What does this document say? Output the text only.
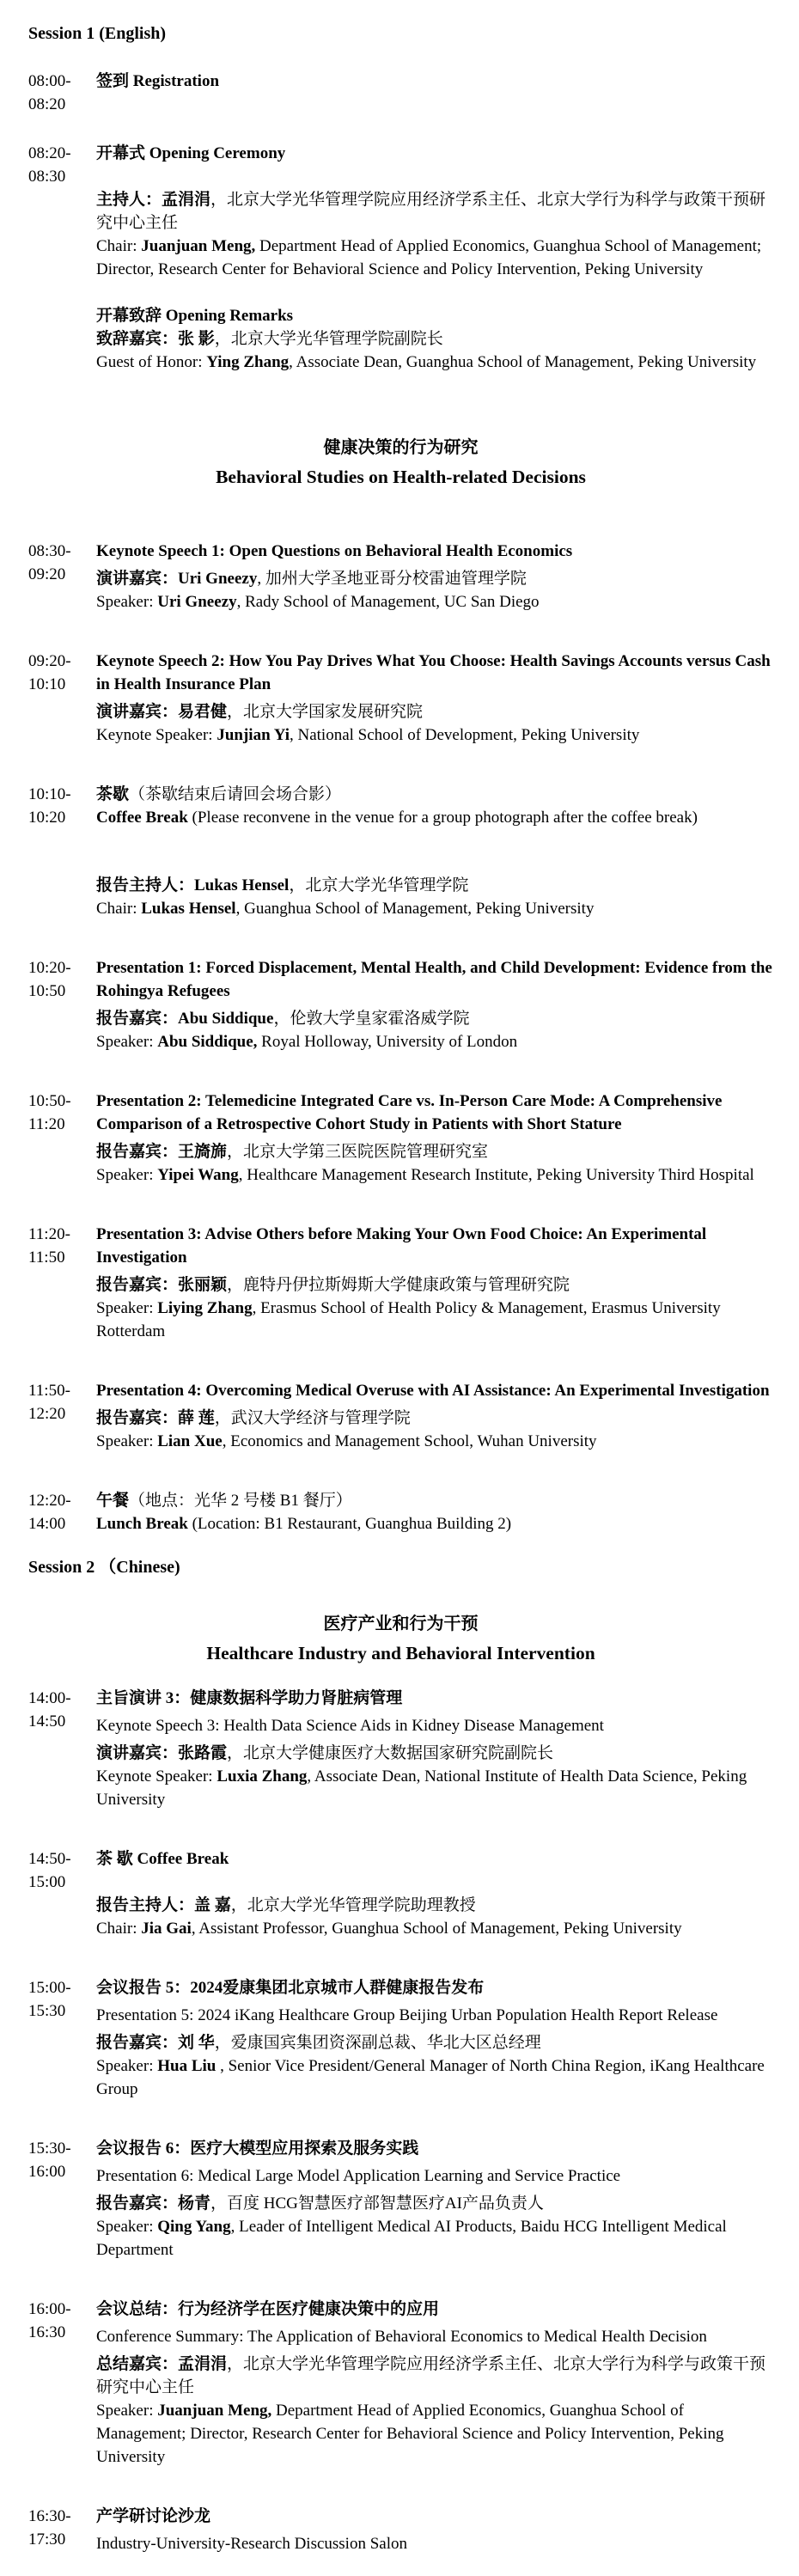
Session 1 (English)
08:00-08:20
签到 Registration
08:20-08:30
开幕式 Opening Ceremony
主持人：孟涓涓，北京大学光华管理学院应用经济学系主任、北京大学行为科学与政策干预研究中心主任
Chair: Juanjuan Meng, Department Head of Applied Economics, Guanghua School of Management; Director, Research Center for Behavioral Science and Policy Intervention, Peking University
开幕致辞 Opening Remarks
致辞嘉宾：张 影，北京大学光华管理学院副院长
Guest of Honor: Ying Zhang, Associate Dean, Guanghua School of Management, Peking University
健康决策的行为研究
Behavioral Studies on Health-related Decisions
08:30-09:20
Keynote Speech 1: Open Questions on Behavioral Health Economics
演讲嘉宾：Uri Gneezy, 加州大学圣地亚哥分校雷迪管理学院
Speaker: Uri Gneezy, Rady School of Management, UC San Diego
09:20-10:10
Keynote Speech 2: How You Pay Drives What You Choose: Health Savings Accounts versus Cash in Health Insurance Plan
演讲嘉宾：易君健，北京大学国家发展研究院
Keynote Speaker: Junjian Yi, National School of Development, Peking University
10:10-10:20
茶歇（茶歇结束后请回会场合影）
Coffee Break (Please reconvene in the venue for a group photograph after the coffee break)
报告主持人：Lukas Hensel，北京大学光华管理学院
Chair: Lukas Hensel, Guanghua School of Management, Peking University
10:20-10:50
Presentation 1: Forced Displacement, Mental Health, and Child Development: Evidence from the Rohingya Refugees
报告嘉宾：Abu Siddique，伦敦大学皇家霍洛威学院
Speaker: Abu Siddique, Royal Holloway, University of London
10:50-11:20
Presentation 2: Telemedicine Integrated Care vs. In-Person Care Mode: A Comprehensive Comparison of a Retrospective Cohort Study in Patients with Short Stature
报告嘉宾：王旖旆，北京大学第三医院医院管理研究室
Speaker: Yipei Wang, Healthcare Management Research Institute, Peking University Third Hospital
11:20-11:50
Presentation 3: Advise Others before Making Your Own Food Choice: An Experimental Investigation
报告嘉宾：张丽颖，鹿特丹伊拉斯姆斯大学健康政策与管理研究院
Speaker: Liying Zhang, Erasmus School of Health Policy & Management, Erasmus University Rotterdam
11:50-12:20
Presentation 4: Overcoming Medical Overuse with AI Assistance: An Experimental Investigation
报告嘉宾：薛 莲，武汉大学经济与管理学院
Speaker: Lian Xue, Economics and Management School, Wuhan University
12:20-14:00
午餐（地点：光华 2 号楼 B1 餐厅）
Lunch Break (Location: B1 Restaurant, Guanghua Building 2)
Session 2 （Chinese)
医疗产业和行为干预
Healthcare Industry and Behavioral Intervention
14:00-14:50
主旨演讲 3：健康数据科学助力肾脏病管理
Keynote Speech 3: Health Data Science Aids in Kidney Disease Management
演讲嘉宾：张路霞，北京大学健康医疗大数据国家研究院副院长
Keynote Speaker: Luxia Zhang, Associate Dean, National Institute of Health Data Science, Peking University
14:50-15:00
茶 歇 Coffee Break
报告主持人：盖 嘉，北京大学光华管理学院助理教授
Chair: Jia Gai, Assistant Professor, Guanghua School of Management, Peking University
15:00-15:30
会议报告 5：2024爱康集团北京城市人群健康报告发布
Presentation 5: 2024 iKang Healthcare Group Beijing Urban Population Health Report Release
报告嘉宾：刘 华，爱康国宾集团资深副总裁、华北大区总经理
Speaker: Hua Liu , Senior Vice President/General Manager of North China Region, iKang Healthcare Group
15:30-16:00
会议报告 6：医疗大模型应用探索及服务实践
Presentation 6: Medical Large Model Application Learning and Service Practice
报告嘉宾：杨青，百度 HCG智慧医疗部智慧医疗AI产品负责人
Speaker: Qing Yang, Leader of Intelligent Medical AI Products, Baidu HCG Intelligent Medical Department
16:00-16:30
会议总结：行为经济学在医疗健康决策中的应用
Conference Summary: The Application of Behavioral Economics to Medical Health Decision
总结嘉宾：孟涓涓，北京大学光华管理学院应用经济学系主任、北京大学行为科学与政策干预研究中心主任
Speaker: Juanjuan Meng, Department Head of Applied Economics, Guanghua School of Management; Director, Research Center for Behavioral Science and Policy Intervention, Peking University
16:30-17:30
产学研讨论沙龙
Industry-University-Research Discussion Salon
